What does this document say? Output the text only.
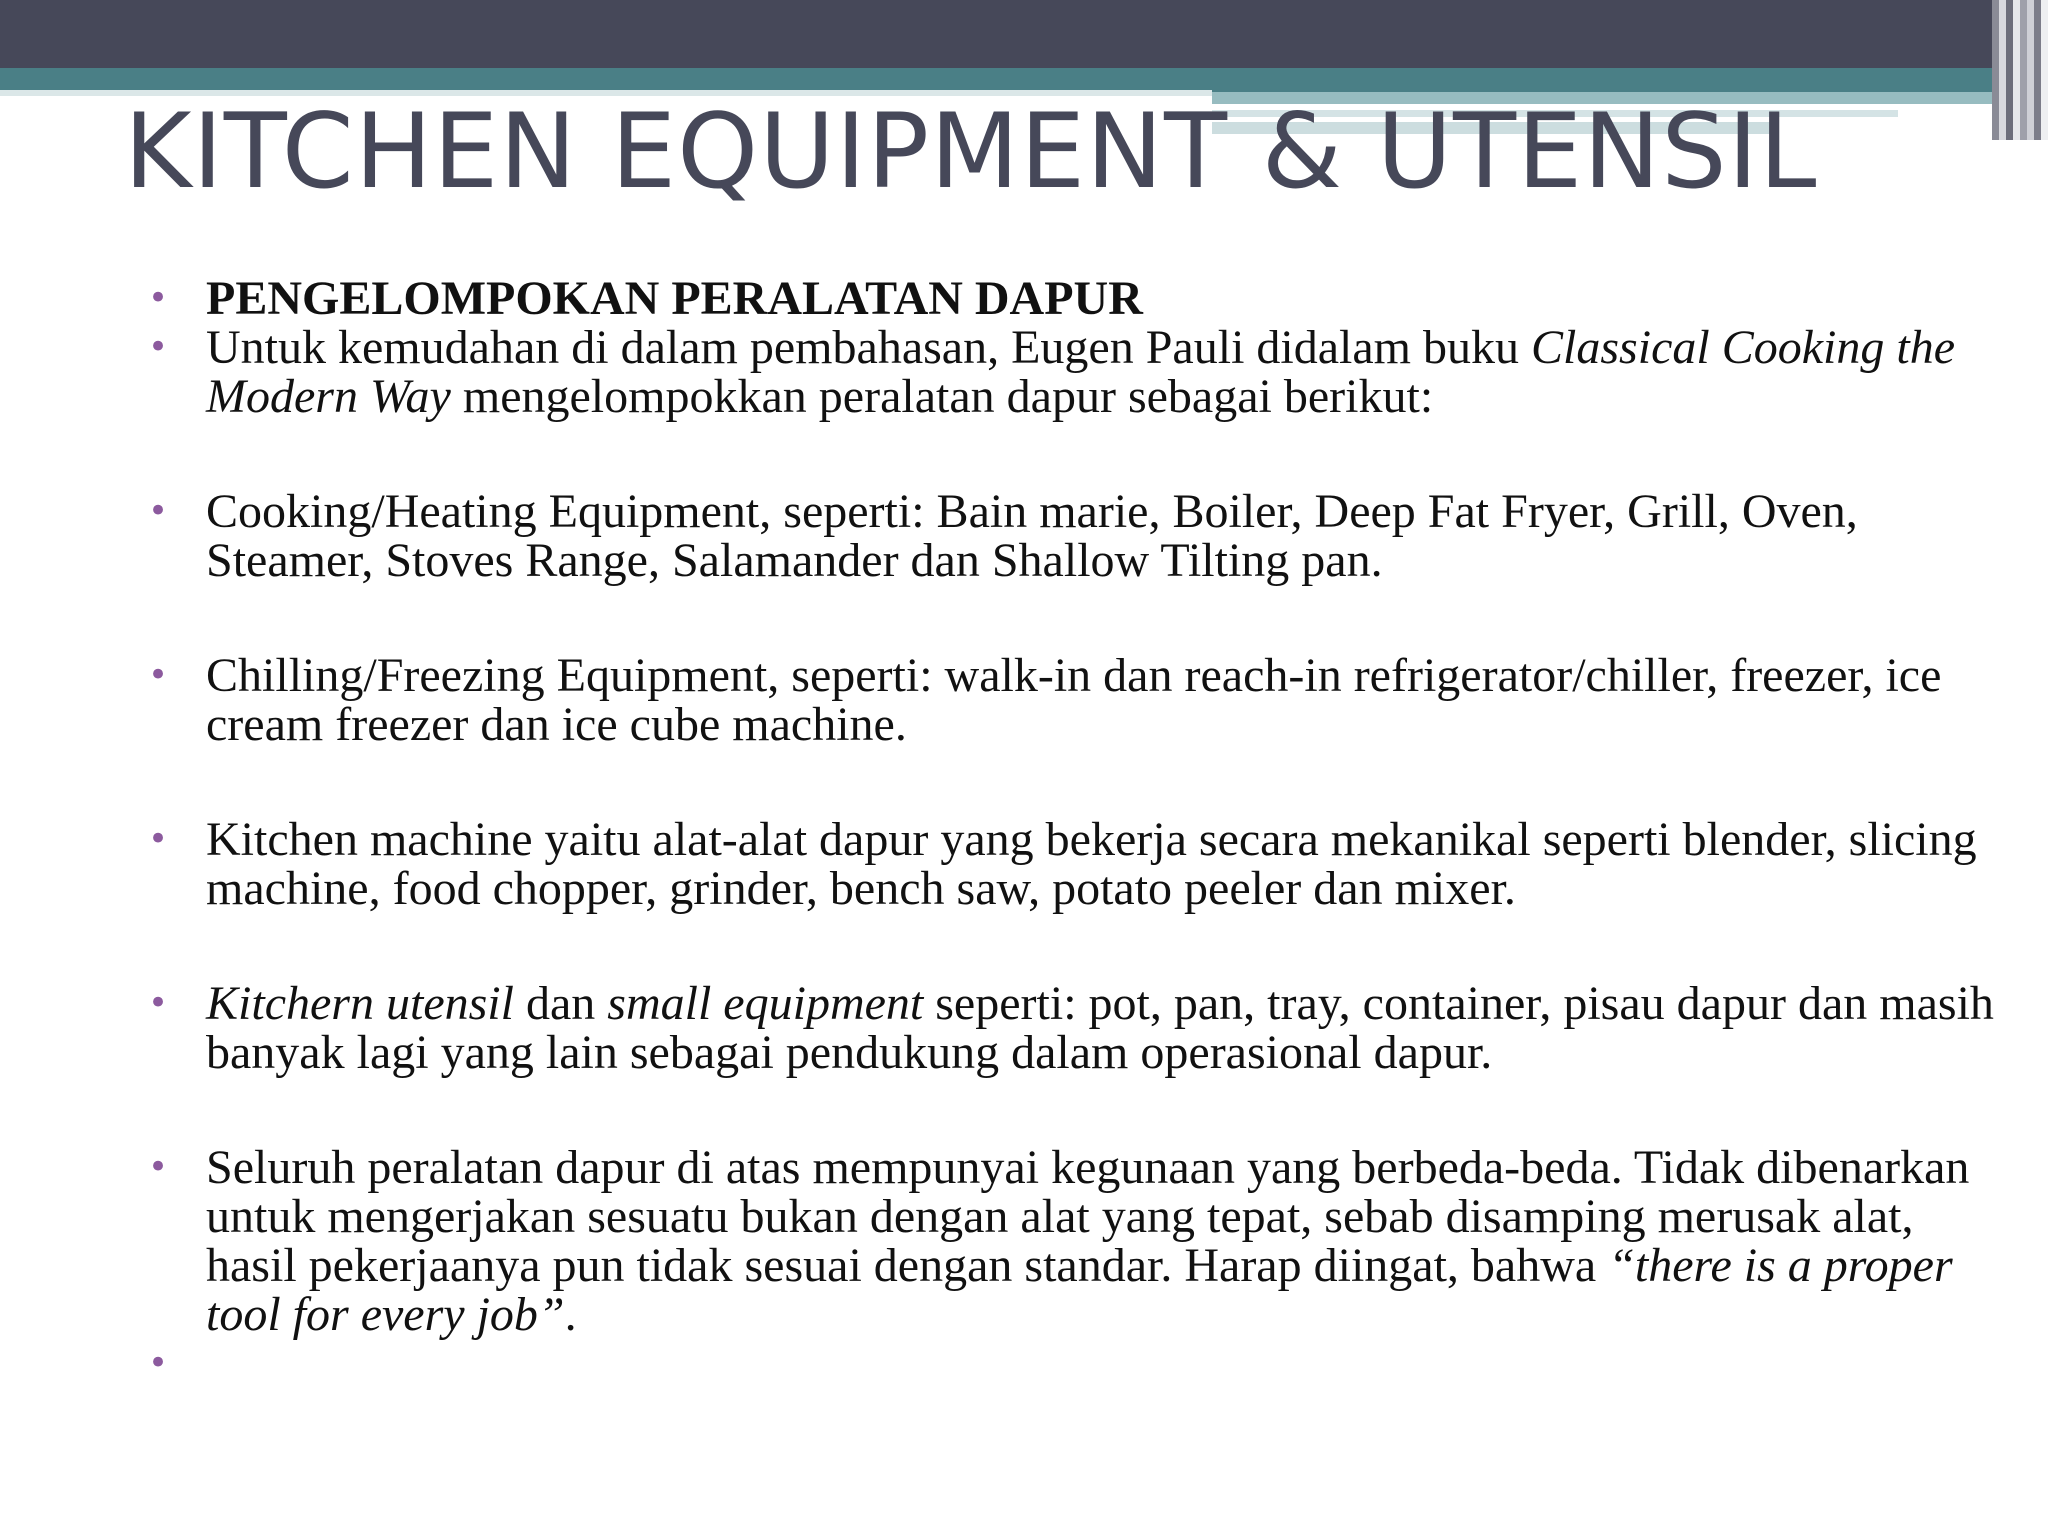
KITCHEN EQUIPMENT & UTENSIL
• PENGELOMPOKAN PERALATAN DAPUR
• Untuk kemudahan di dalam pembahasan, Eugen Pauli didalam buku Classical Cooking the Modern Way mengelompokkan peralatan dapur sebagai berikut:
• Cooking/Heating Equipment, seperti: Bain marie, Boiler, Deep Fat Fryer, Grill, Oven, Steamer, Stoves Range, Salamander dan Shallow Tilting pan.
• Chilling/Freezing Equipment, seperti: walk-in dan reach-in refrigerator/chiller, freezer, ice cream freezer dan ice cube machine.
• Kitchen machine yaitu alat-alat dapur yang bekerja secara mekanikal seperti blender, slicing machine, food chopper, grinder, bench saw, potato peeler dan mixer.
• Kitchern utensil dan small equipment seperti: pot, pan, tray, container, pisau dapur dan masih banyak lagi yang lain sebagai pendukung dalam operasional dapur.
• Seluruh peralatan dapur di atas mempunyai kegunaan yang berbeda-beda. Tidak dibenarkan untuk mengerjakan sesuatu bukan dengan alat yang tepat, sebab disamping merusak alat, hasil pekerjaanya pun tidak sesuai dengan standar. Harap diingat, bahwa “there is a proper tool for every job”.
•
